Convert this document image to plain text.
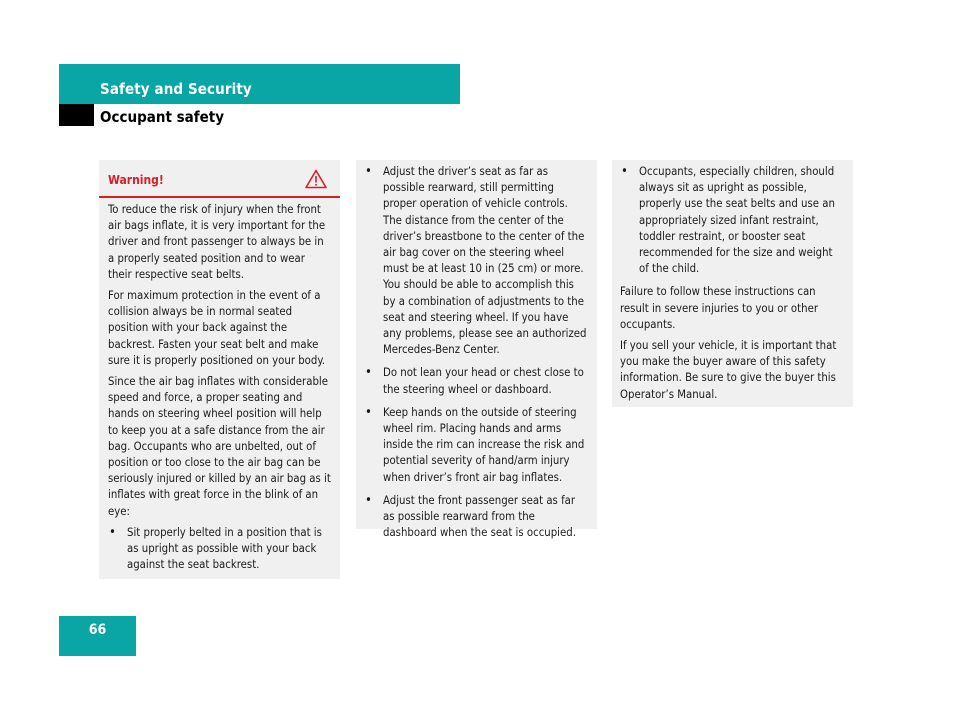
Safety and Security
Occupant safety
Warning!

To reduce the risk of injury when the front air bags inflate, it is very important for the driver and front passenger to always be in a properly seated position and to wear their respective seat belts.

For maximum protection in the event of a collision always be in normal seated position with your back against the backrest. Fasten your seat belt and make sure it is properly positioned on your body.

Since the air bag inflates with considerable speed and force, a proper seating and hands on steering wheel position will help to keep you at a safe distance from the air bag. Occupants who are unbelted, out of position or too close to the air bag can be seriously injured or killed by an air bag as it inflates with great force in the blink of an eye:

• Sit properly belted in a position that is as upright as possible with your back against the seat backrest.
• Adjust the driver’s seat as far as possible rearward, still permitting proper operation of vehicle controls. The distance from the center of the driver’s breastbone to the center of the air bag cover on the steering wheel must be at least 10 in (25 cm) or more. You should be able to accomplish this by a combination of adjustments to the seat and steering wheel. If you have any problems, please see an authorized Mercedes-Benz Center.
• Do not lean your head or chest close to the steering wheel or dashboard.
• Keep hands on the outside of steering wheel rim. Placing hands and arms inside the rim can increase the risk and potential severity of hand/arm injury when driver’s front air bag inflates.
• Adjust the front passenger seat as far as possible rearward from the dashboard when the seat is occupied.
• Occupants, especially children, should always sit as upright as possible, properly use the seat belts and use an appropriately sized infant restraint, toddler restraint, or booster seat recommended for the size and weight of the child.

Failure to follow these instructions can result in severe injuries to you or other occupants.

If you sell your vehicle, it is important that you make the buyer aware of this safety information. Be sure to give the buyer this Operator’s Manual.

66
